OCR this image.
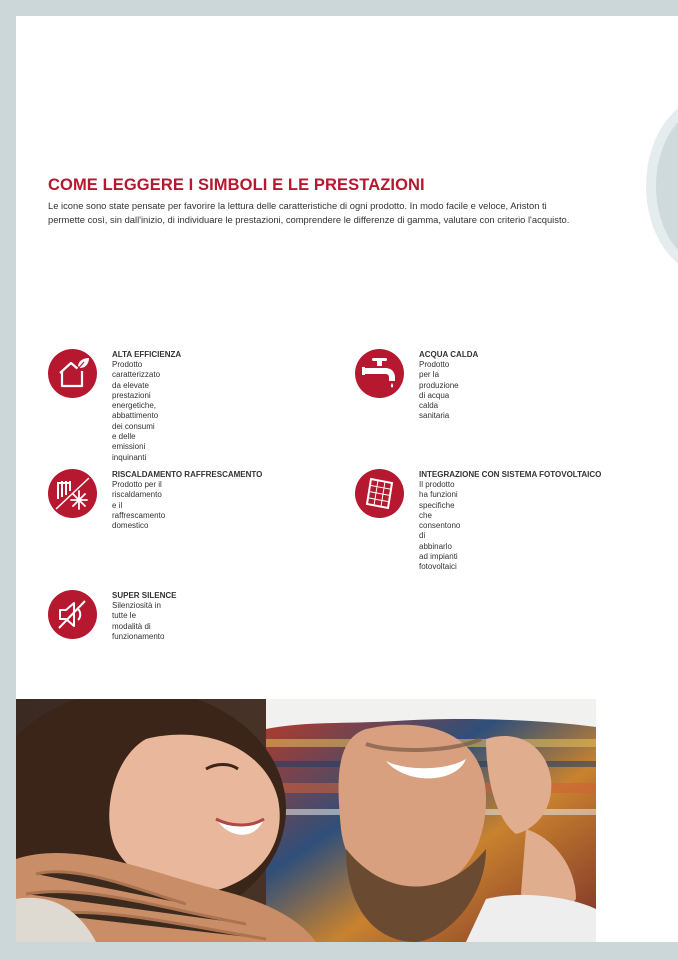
COME LEGGERE I SIMBOLI E LE PRESTAZIONI

Le icone sono state pensate per favorire la lettura delle caratteristiche di ogni prodotto. In modo facile e veloce, Ariston ti
permette così, sin dall'inizio, di individuare le prestazioni, comprendere le differenze di gamma, valutare con criterio l'acquisto.

ALTA EFFICIENZA
Prodotto caratterizzato da elevate prestazioni
energetiche, abbattimento dei consumi e delle
emissioni inquinanti
ACQUA CALDA
Prodotto per la produzione di acqua calda sanitaria
RISCALDAMENTO RAFFRESCAMENTO
Prodotto per il riscaldamento e il raffrescamento
domestico
INTEGRAZIONE CON SISTEMA FOTOVOLTAICO
Il prodotto ha funzioni specifiche che consentono di
abbinarlo ad impianti fotovoltaici
SUPER SILENCE
Silenziosità in tutte le modalità di funzionamento
